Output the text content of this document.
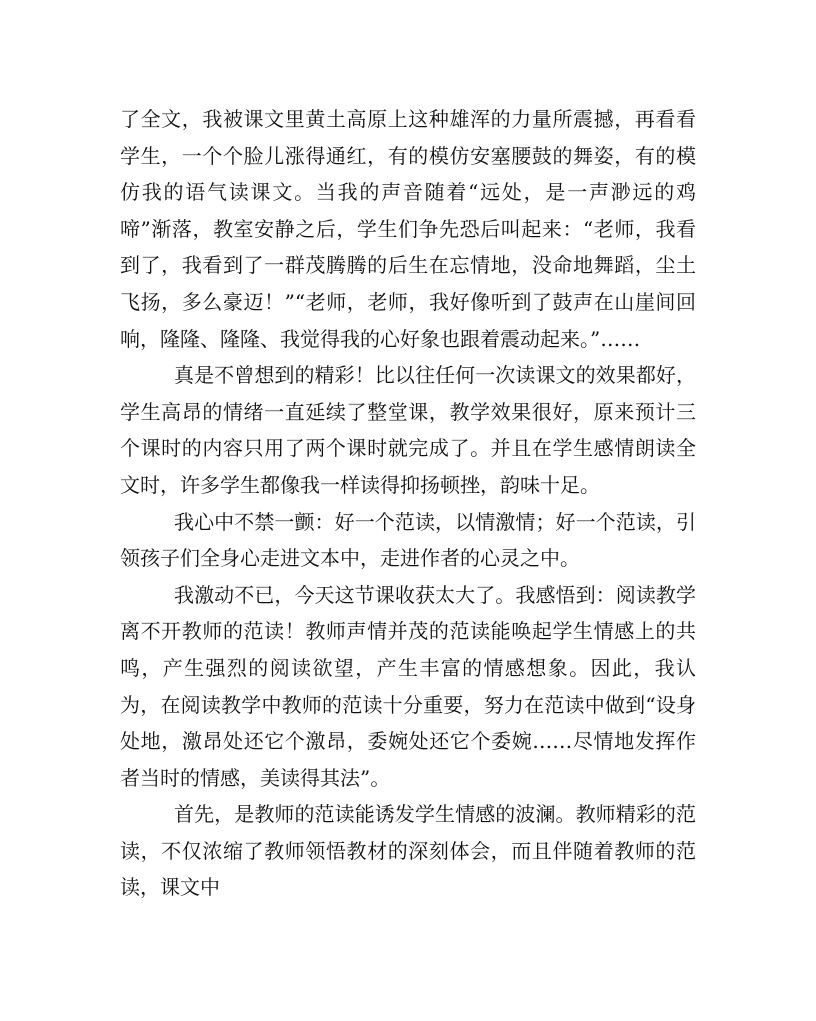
了全文，我被课文里黄土高原上这种雄浑的力量所震撼，再看看学生，一个个脸儿涨得通红，有的模仿安塞腰鼓的舞姿，有的模仿我的语气读课文。当我的声音随着“远处，是一声渺远的鸡啼”渐落，教室安静之后，学生们争先恐后叫起来：“老师，我看到了，我看到了一群茂腾腾的后生在忘情地，没命地舞蹈，尘土飞扬，多么豪迈！”“老师，老师，我好像听到了鼓声在山崖间回响，隆隆、隆隆、我觉得我的心好象也跟着震动起来。”……

真是不曾想到的精彩！比以往任何一次读课文的效果都好，学生高昂的情绪一直延续了整堂课，教学效果很好，原来预计三个课时的内容只用了两个课时就完成了。并且在学生感情朗读全文时，许多学生都像我一样读得抑扬顿挫，韵味十足。

我心中不禁一颤：好一个范读，以情激情；好一个范读，引领孩子们全身心走进文本中，走进作者的心灵之中。

我激动不已，今天这节课收获太大了。我感悟到：阅读教学离不开教师的范读！教师声情并茂的范读能唤起学生情感上的共鸣，产生强烈的阅读欲望，产生丰富的情感想象。因此，我认为，在阅读教学中教师的范读十分重要，努力在范读中做到“设身处地，激昂处还它个激昂，委婉处还它个委婉……尽情地发挥作者当时的情感，美读得其法”。

首先，是教师的范读能诱发学生情感的波澜。教师精彩的范读，不仅浓缩了教师领悟教材的深刻体会，而且伴随着教师的范读，课文中
